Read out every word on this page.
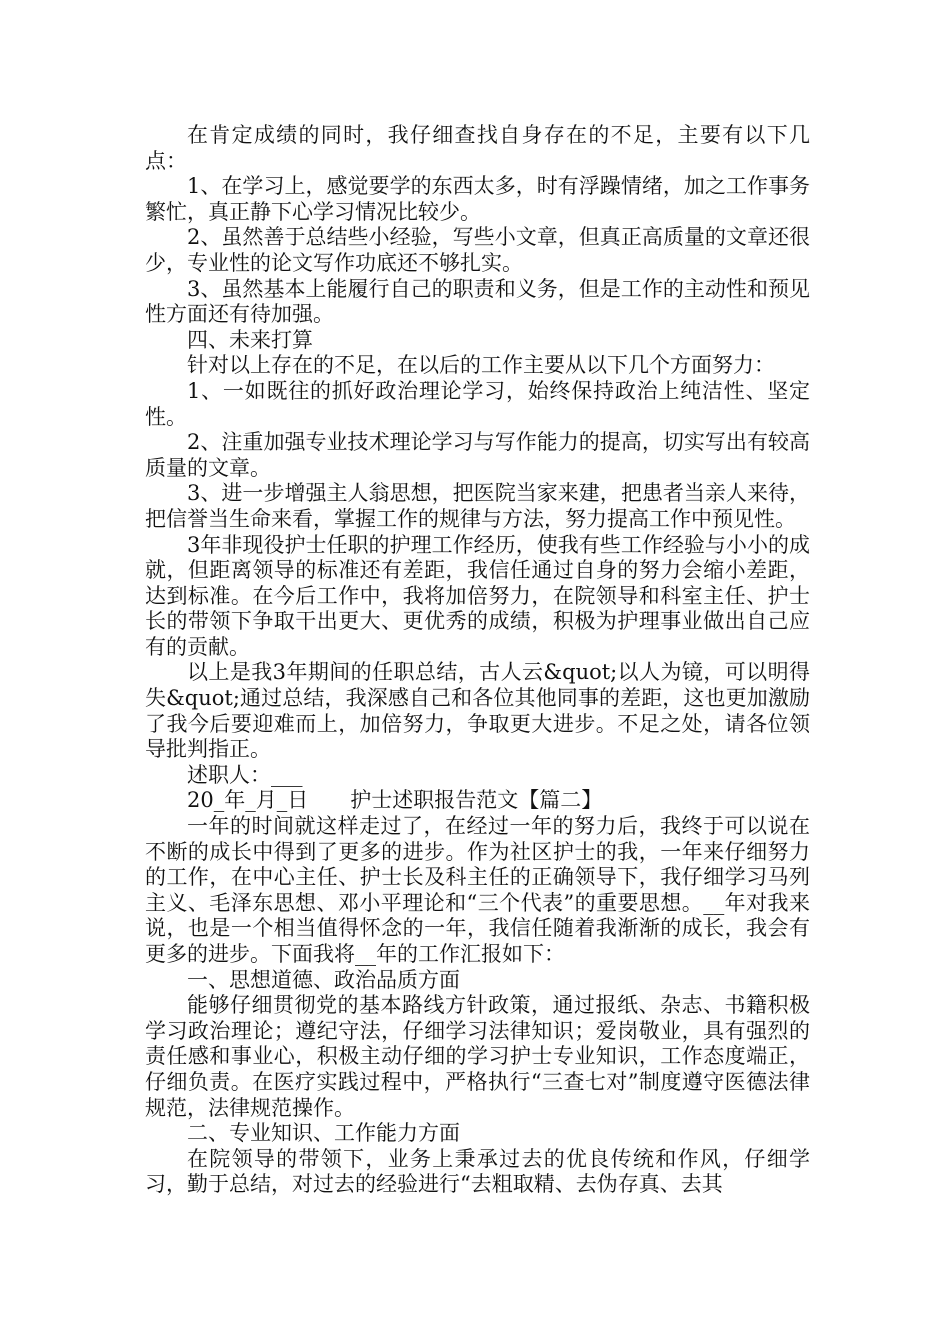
在肯定成绩的同时，我仔细查找自身存在的不足，主要有以下几点：

1、在学习上，感觉要学的东西太多，时有浮躁情绪，加之工作事务繁忙，真正静下心学习情况比较少。

2、虽然善于总结些小经验，写些小文章，但真正高质量的文章还很少，专业性的论文写作功底还不够扎实。

3、虽然基本上能履行自己的职责和义务，但是工作的主动性和预见性方面还有待加强。

四、未来打算

针对以上存在的不足，在以后的工作主要从以下几个方面努力：

1、一如既往的抓好政治理论学习，始终保持政治上纯洁性、坚定性。

2、注重加强专业技术理论学习与写作能力的提高，切实写出有较高质量的文章。

3、进一步增强主人翁思想，把医院当家来建，把患者当亲人来待，把信誉当生命来看，掌握工作的规律与方法，努力提高工作中预见性。

3年非现役护士任职的护理工作经历，使我有些工作经验与小小的成就，但距离领导的标准还有差距，我信任通过自身的努力会缩小差距，达到标准。在今后工作中，我将加倍努力，在院领导和科室主任、护士长的带领下争取干出更大、更优秀的成绩，积极为护理事业做出自己应有的贡献。

以上是我3年期间的任职总结，古人云&quot;以人为镜，可以明得失&quot;通过总结，我深感自己和各位其他同事的差距，这也更加激励了我今后要迎难而上，加倍努力，争取更大进步。不足之处，请各位领导批判指正。

述职人：___

20_年_月_日　　护士述职报告范文【篇二】

一年的时间就这样走过了，在经过一年的努力后，我终于可以说在不断的成长中得到了更多的进步。作为社区护士的我，一年来仔细努力的工作，在中心主任、护士长及科主任的正确领导下，我仔细学习马列主义、毛泽东思想、邓小平理论和“三个代表”的重要思想。__年对我来说，也是一个相当值得怀念的一年，我信任随着我渐渐的成长，我会有更多的进步。下面我将__年的工作汇报如下：

一、思想道德、政治品质方面

能够仔细贯彻党的基本路线方针政策，通过报纸、杂志、书籍积极学习政治理论；遵纪守法，仔细学习法律知识；爱岗敬业，具有强烈的责任感和事业心，积极主动仔细的学习护士专业知识，工作态度端正，仔细负责。在医疗实践过程中，严格执行“三查七对”制度遵守医德法律规范，法律规范操作。

二、专业知识、工作能力方面

在院领导的带领下，业务上秉承过去的优良传统和作风，仔细学习，勤于总结，对过去的经验进行“去粗取精、去伪存真、去其
